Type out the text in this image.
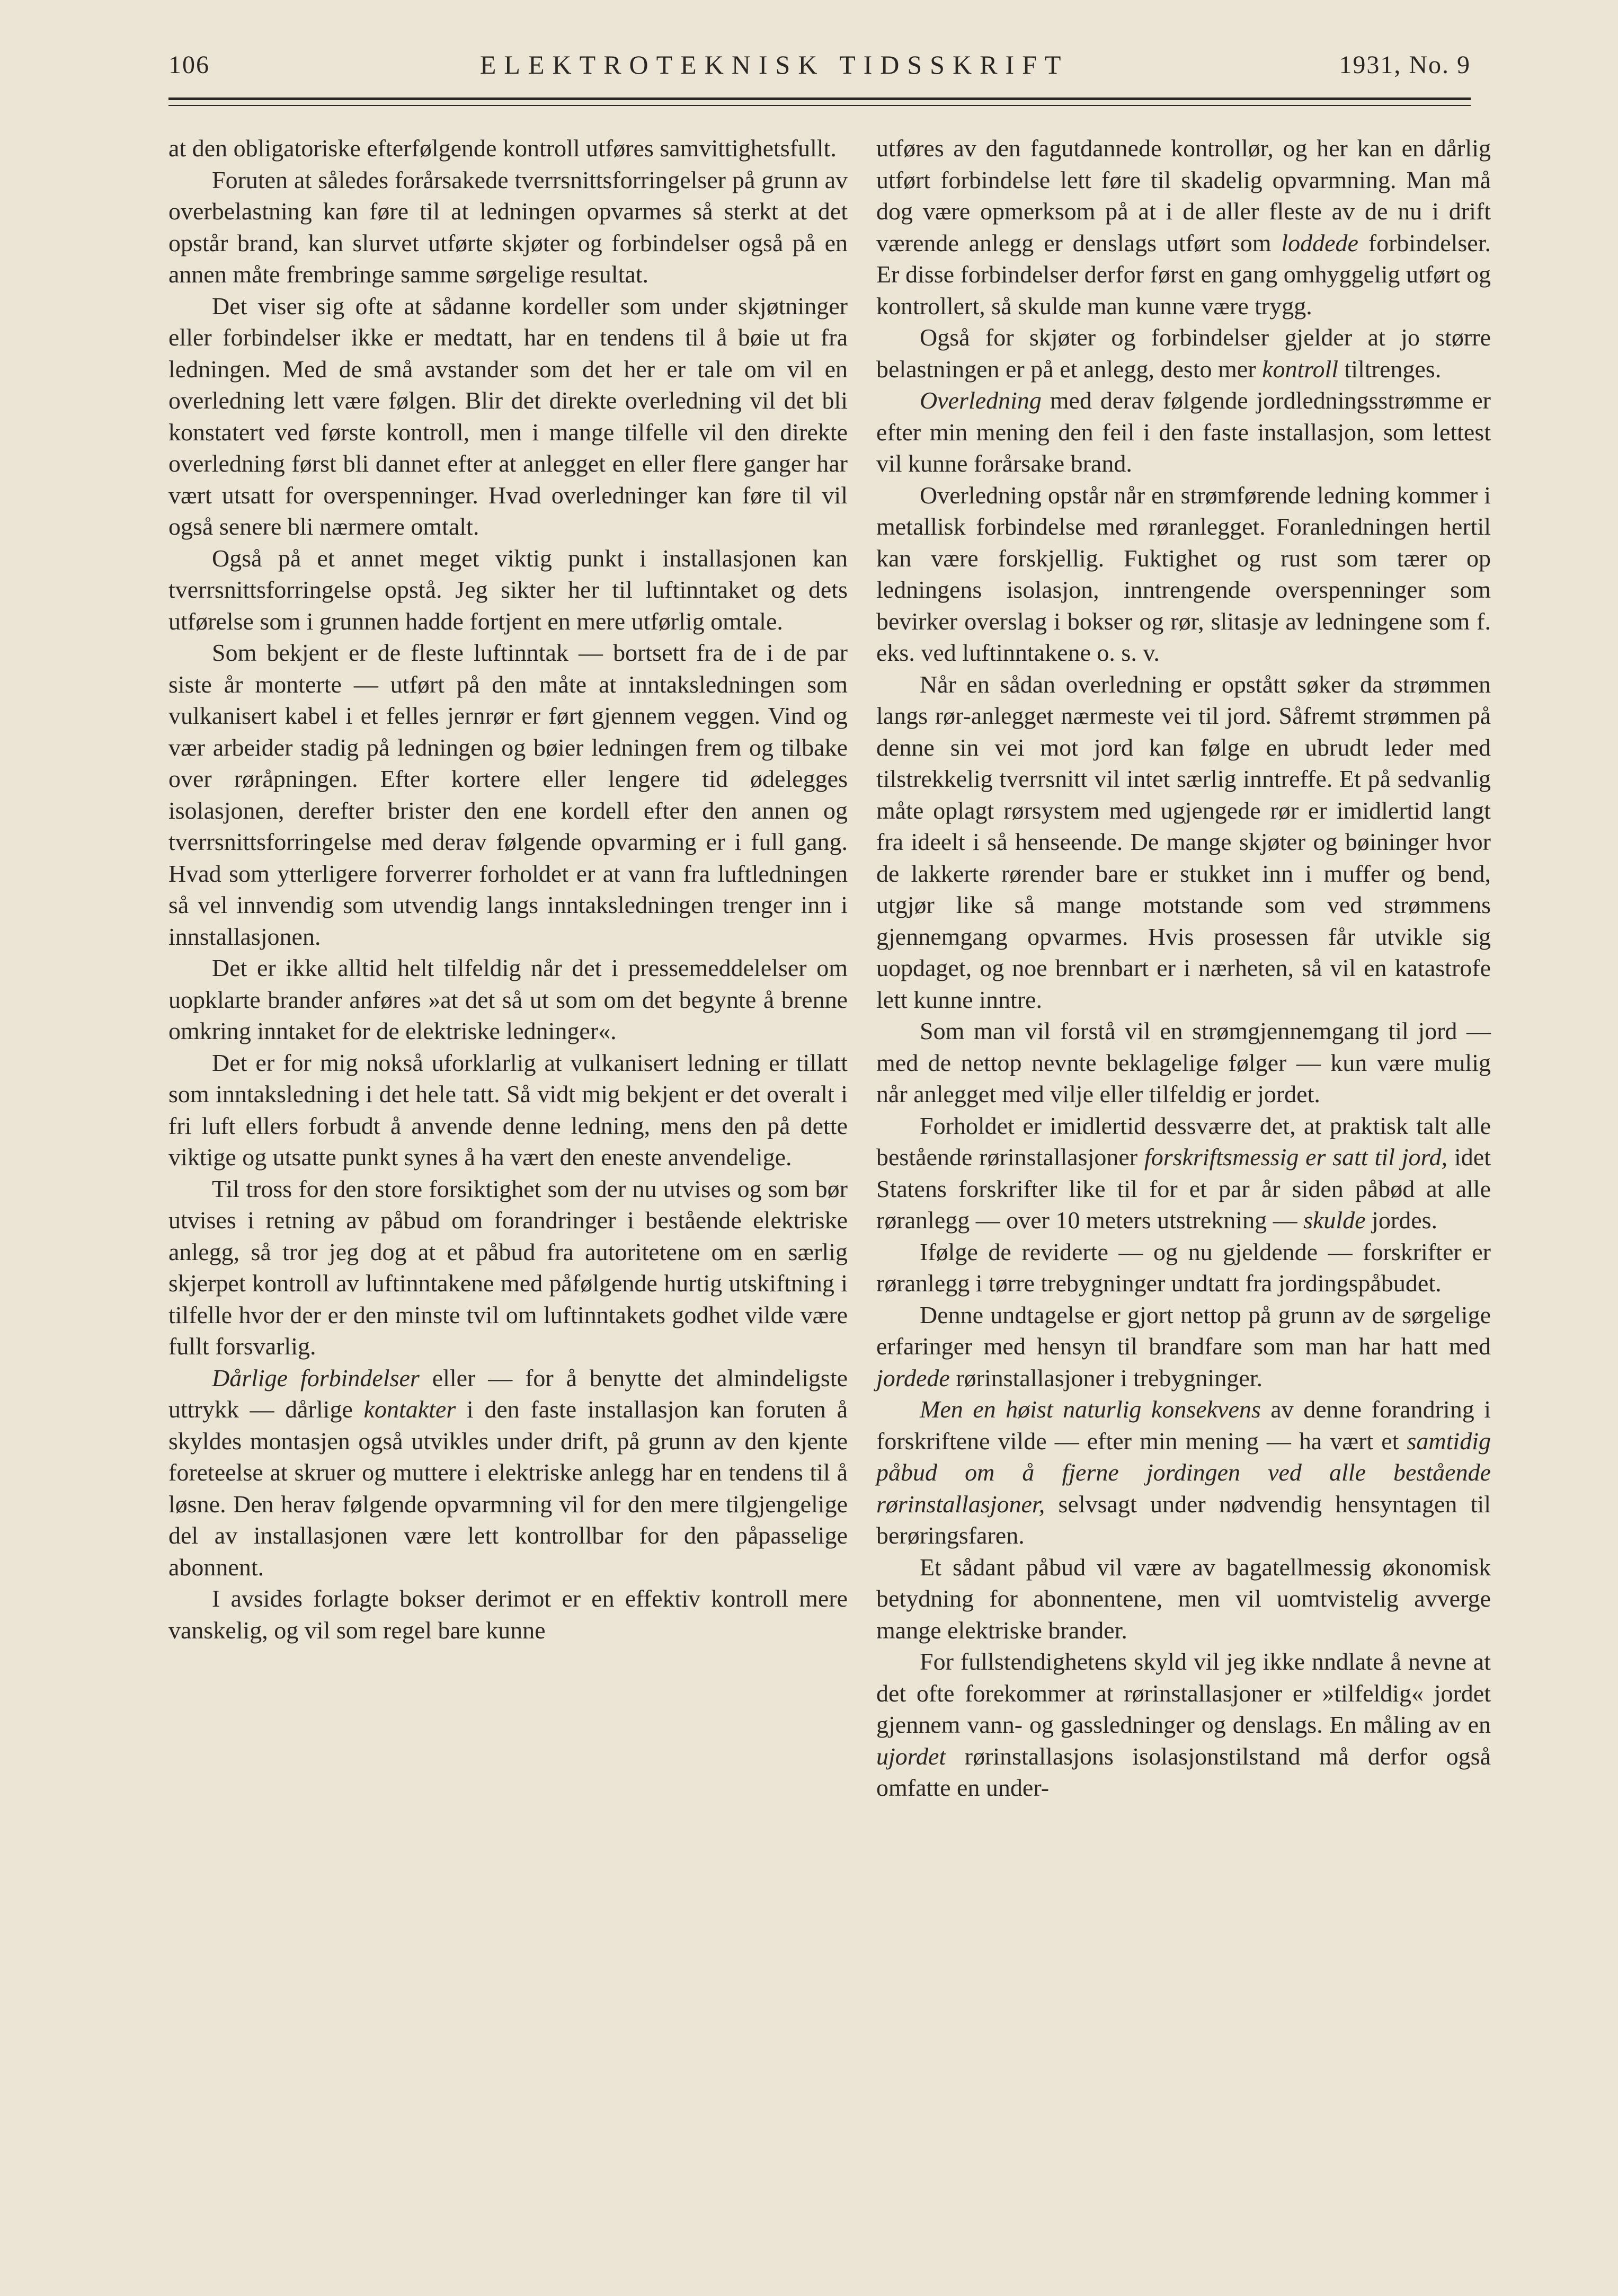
106	ELEKTROTEKNISK TIDSSKRIFT	1931, No. 9

at den obligatoriske efterfølgende kontroll utføres samvittighetsfullt.

Foruten at således forårsakede tverrsnittsforringelser på grunn av overbelastning kan føre til at ledningen opvarmes så sterkt at det opstår brand, kan slurvet utførte skjøter og forbindelser også på en annen måte frembringe samme sørgelige resultat.

Det viser sig ofte at sådanne kordeller som under skjøtninger eller forbindelser ikke er medtatt, har en tendens til å bøie ut fra ledningen. Med de små avstander som det her er tale om vil en overledning lett være følgen. Blir det direkte overledning vil det bli konstatert ved første kontroll, men i mange tilfelle vil den direkte overledning først bli dannet efter at anlegget en eller flere ganger har vært utsatt for overspenninger. Hvad overledninger kan føre til vil også senere bli nærmere omtalt.

Også på et annet meget viktig punkt i installasjonen kan tverrsnittsforringelse opstå. Jeg sikter her til luftinntaket og dets utførelse som i grunnen hadde fortjent en mere utførlig omtale.

Som bekjent er de fleste luftinntak — bortsett fra de i de par siste år monterte — utført på den måte at inntaksledningen som vulkanisert kabel i et felles jernrør er ført gjennem veggen. Vind og vær arbeider stadig på ledningen og bøier ledningen frem og tilbake over røråpningen. Efter kortere eller lengere tid ødelegges isolasjonen, derefter brister den ene kordell efter den annen og tverrsnittsforringelse med derav følgende opvarming er i full gang. Hvad som ytterligere forverrer forholdet er at vann fra luftledningen så vel innvendig som utvendig langs inntaksledningen trenger inn i innstallasjonen.

Det er ikke alltid helt tilfeldig når det i pressemeddelelser om uopklarte brander anføres »at det så ut som om det begynte å brenne omkring inntaket for de elektriske ledninger«.

Det er for mig nokså uforklarlig at vulkanisert ledning er tillatt som inntaksledning i det hele tatt. Så vidt mig bekjent er det overalt i fri luft ellers forbudt å anvende denne ledning, mens den på dette viktige og utsatte punkt synes å ha vært den eneste anvendelige.

Til tross for den store forsiktighet som der nu utvises og som bør utvises i retning av påbud om forandringer i bestående elektriske anlegg, så tror jeg dog at et påbud fra autoritetene om en særlig skjerpet kontroll av luftinntakene med påfølgende hurtig utskiftning i tilfelle hvor der er den minste tvil om luftinntakets godhet vilde være fullt forsvarlig.

Dårlige forbindelser eller — for å benytte det almindeligste uttrykk — dårlige kontakter i den faste installasjon kan foruten å skyldes montasjen også utvikles under drift, på grunn av den kjente foreteelse at skruer og muttere i elektriske anlegg har en tendens til å løsne. Den herav følgende opvarmning vil for den mere tilgjengelige del av installasjonen være lett kontrollbar for den påpasselige abonnent.

I avsides forlagte bokser derimot er en effektiv kontroll mere vanskelig, og vil som regel bare kunne

utføres av den fagutdannede kontrollør, og her kan en dårlig utført forbindelse lett føre til skadelig opvarmning. Man må dog være opmerksom på at i de aller fleste av de nu i drift værende anlegg er denslags utført som loddede forbindelser. Er disse forbindelser derfor først en gang omhyggelig utført og kontrollert, så skulde man kunne være trygg.

Også for skjøter og forbindelser gjelder at jo større belastningen er på et anlegg, desto mer kontroll tiltrenges.

Overledning med derav følgende jordledningsstrømme er efter min mening den feil i den faste installasjon, som lettest vil kunne forårsake brand.

Overledning opstår når en strømførende ledning kommer i metallisk forbindelse med røranlegget. Foranledningen hertil kan være forskjellig. Fuktighet og rust som tærer op ledningens isolasjon, inntrengende overspenninger som bevirker overslag i bokser og rør, slitasje av ledningene som f. eks. ved luftinntakene o. s. v.

Når en sådan overledning er opstått søker da strømmen langs rør-anlegget nærmeste vei til jord. Såfremt strømmen på denne sin vei mot jord kan følge en ubrudt leder med tilstrekkelig tverrsnitt vil intet særlig inntreffe. Et på sedvanlig måte oplagt rørsystem med ugjengede rør er imidlertid langt fra ideelt i så henseende. De mange skjøter og bøininger hvor de lakkerte rørender bare er stukket inn i muffer og bend, utgjør like så mange motstande som ved strømmens gjennemgang opvarmes. Hvis prosessen får utvikle sig uopdaget, og noe brennbart er i nærheten, så vil en katastrofe lett kunne inntre.

Som man vil forstå vil en strømgjennemgang til jord — med de nettop nevnte beklagelige følger — kun være mulig når anlegget med vilje eller tilfeldig er jordet.

Forholdet er imidlertid dessværre det, at praktisk talt alle bestående rørinstallasjoner forskriftsmessig er satt til jord, idet Statens forskrifter like til for et par år siden påbød at alle røranlegg — over 10 meters utstrekning — skulde jordes.

Ifølge de reviderte — og nu gjeldende — forskrifter er røranlegg i tørre trebygninger undtatt fra jordingspåbudet.

Denne undtagelse er gjort nettop på grunn av de sørgelige erfaringer med hensyn til brandfare som man har hatt med jordede rørinstallasjoner i trebygninger.

Men en høist naturlig konsekvens av denne forandring i forskriftene vilde — efter min mening — ha vært et samtidig påbud om å fjerne jordingen ved alle bestående rørinstallasjoner, selvsagt under nødvendig hensyntagen til berøringsfaren.

Et sådant påbud vil være av bagatellmessig økonomisk betydning for abonnentene, men vil uomtvistelig avverge mange elektriske brander.

For fullstendighetens skyld vil jeg ikke nndlate å nevne at det ofte forekommer at rørinstallasjoner er »tilfeldig« jordet gjennem vann- og gassledninger og denslags. En måling av en ujordet rørinstallasjons isolasjonstilstand må derfor også omfatte en under-
